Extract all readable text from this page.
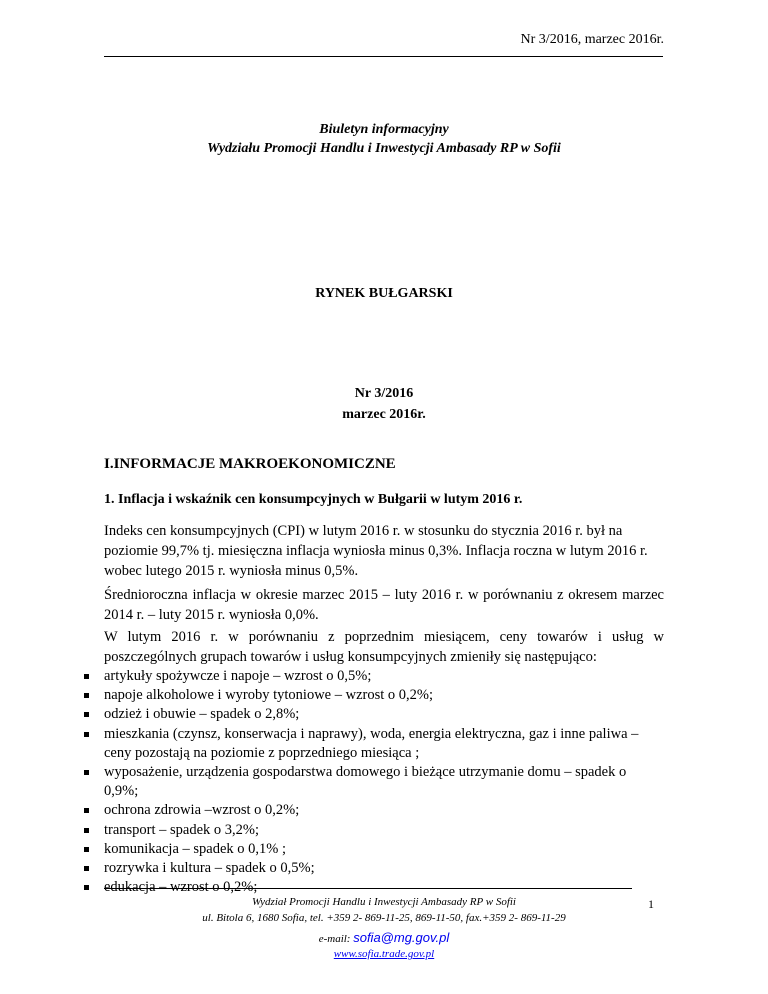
Nr 3/2016, marzec 2016r.
Biuletyn informacyjny
Wydziału Promocji Handlu i Inwestycji Ambasady RP w Sofii
RYNEK BUŁGARSKI
Nr 3/2016
marzec 2016r.
I.INFORMACJE MAKROEKONOMICZNE
1. Inflacja i wskaźnik cen konsumpcyjnych w Bułgarii w lutym 2016 r.

Indeks cen konsumpcyjnych (CPI) w lutym 2016 r. w stosunku do stycznia 2016 r. był na poziomie 99,7% tj. miesięczna inflacja wyniosła minus 0,3%. Inflacja roczna w lutym 2016 r. wobec lutego 2015 r. wyniosła minus 0,5%.

Średnioroczna inflacja w okresie marzec 2015 – luty 2016 r. w porównaniu z okresem marzec 2014 r. – luty 2015 r. wyniosła 0,0%.

W lutym 2016 r. w porównaniu z poprzednim miesiącem, ceny towarów i usług w poszczególnych grupach towarów i usług konsumpcyjnych zmieniły się następująco:

artykuły spożywcze i napoje – wzrost o 0,5%;
napoje alkoholowe i wyroby tytoniowe – wzrost o 0,2%;
odzież i obuwie – spadek o 2,8%;
mieszkania (czynsz, konserwacja i naprawy), woda, energia elektryczna, gaz i inne paliwa – ceny pozostają na poziomie z poprzedniego miesiąca ;
wyposażenie, urządzenia gospodarstwa domowego i bieżące utrzymanie domu – spadek o 0,9%;
ochrona zdrowia –wzrost o 0,2%;
transport – spadek o 3,2%;
komunikacja – spadek o 0,1% ;
rozrywka i kultura – spadek o 0,5%;
edukacja – wzrost o 0,2%;
1
Wydział Promocji Handlu i Inwestycji Ambasady RP w Sofii
ul. Bitola 6, 1680 Sofia, tel. +359 2- 869-11-25, 869-11-50, fax.+359 2- 869-11-29
e-mail: sofia@mg.gov.pl
www.sofia.trade.gov.pl
